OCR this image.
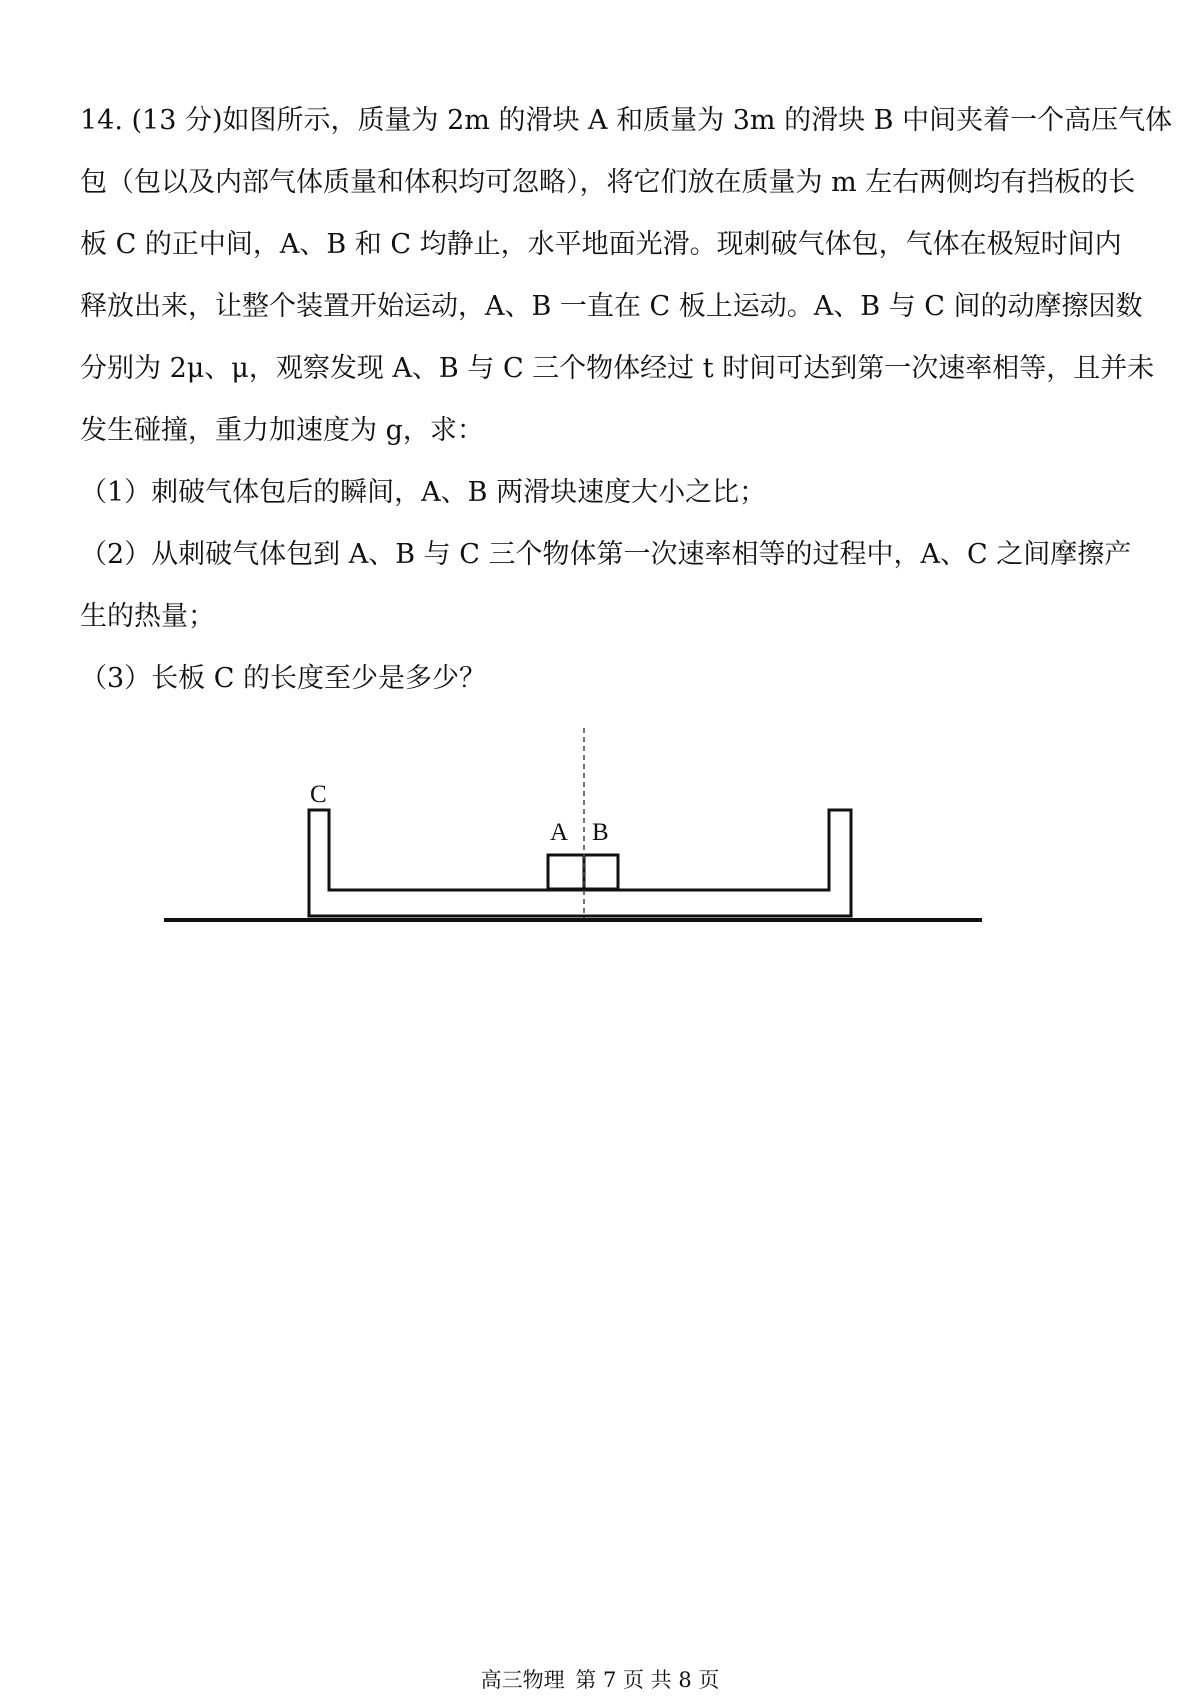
14. (13 分)如图所示，质量为 2m 的滑块 A 和质量为 3m 的滑块 B 中间夹着一个高压气体
包（包以及内部气体质量和体积均可忽略），将它们放在质量为 m 左右两侧均有挡板的长
板 C 的正中间，A、B 和 C 均静止，水平地面光滑。现刺破气体包，气体在极短时间内
释放出来，让整个装置开始运动，A、B 一直在 C 板上运动。A、B 与 C 间的动摩擦因数
分别为 2μ、μ，观察发现 A、B 与 C 三个物体经过 t 时间可达到第一次速率相等，且并未
发生碰撞，重力加速度为 g，求：
（1）刺破气体包后的瞬间，A、B 两滑块速度大小之比；
（2）从刺破气体包到 A、B 与 C 三个物体第一次速率相等的过程中，A、C 之间摩擦产
生的热量；
（3）长板 C 的长度至少是多少？
C
A B
高三物理 第 7 页 共 8 页
